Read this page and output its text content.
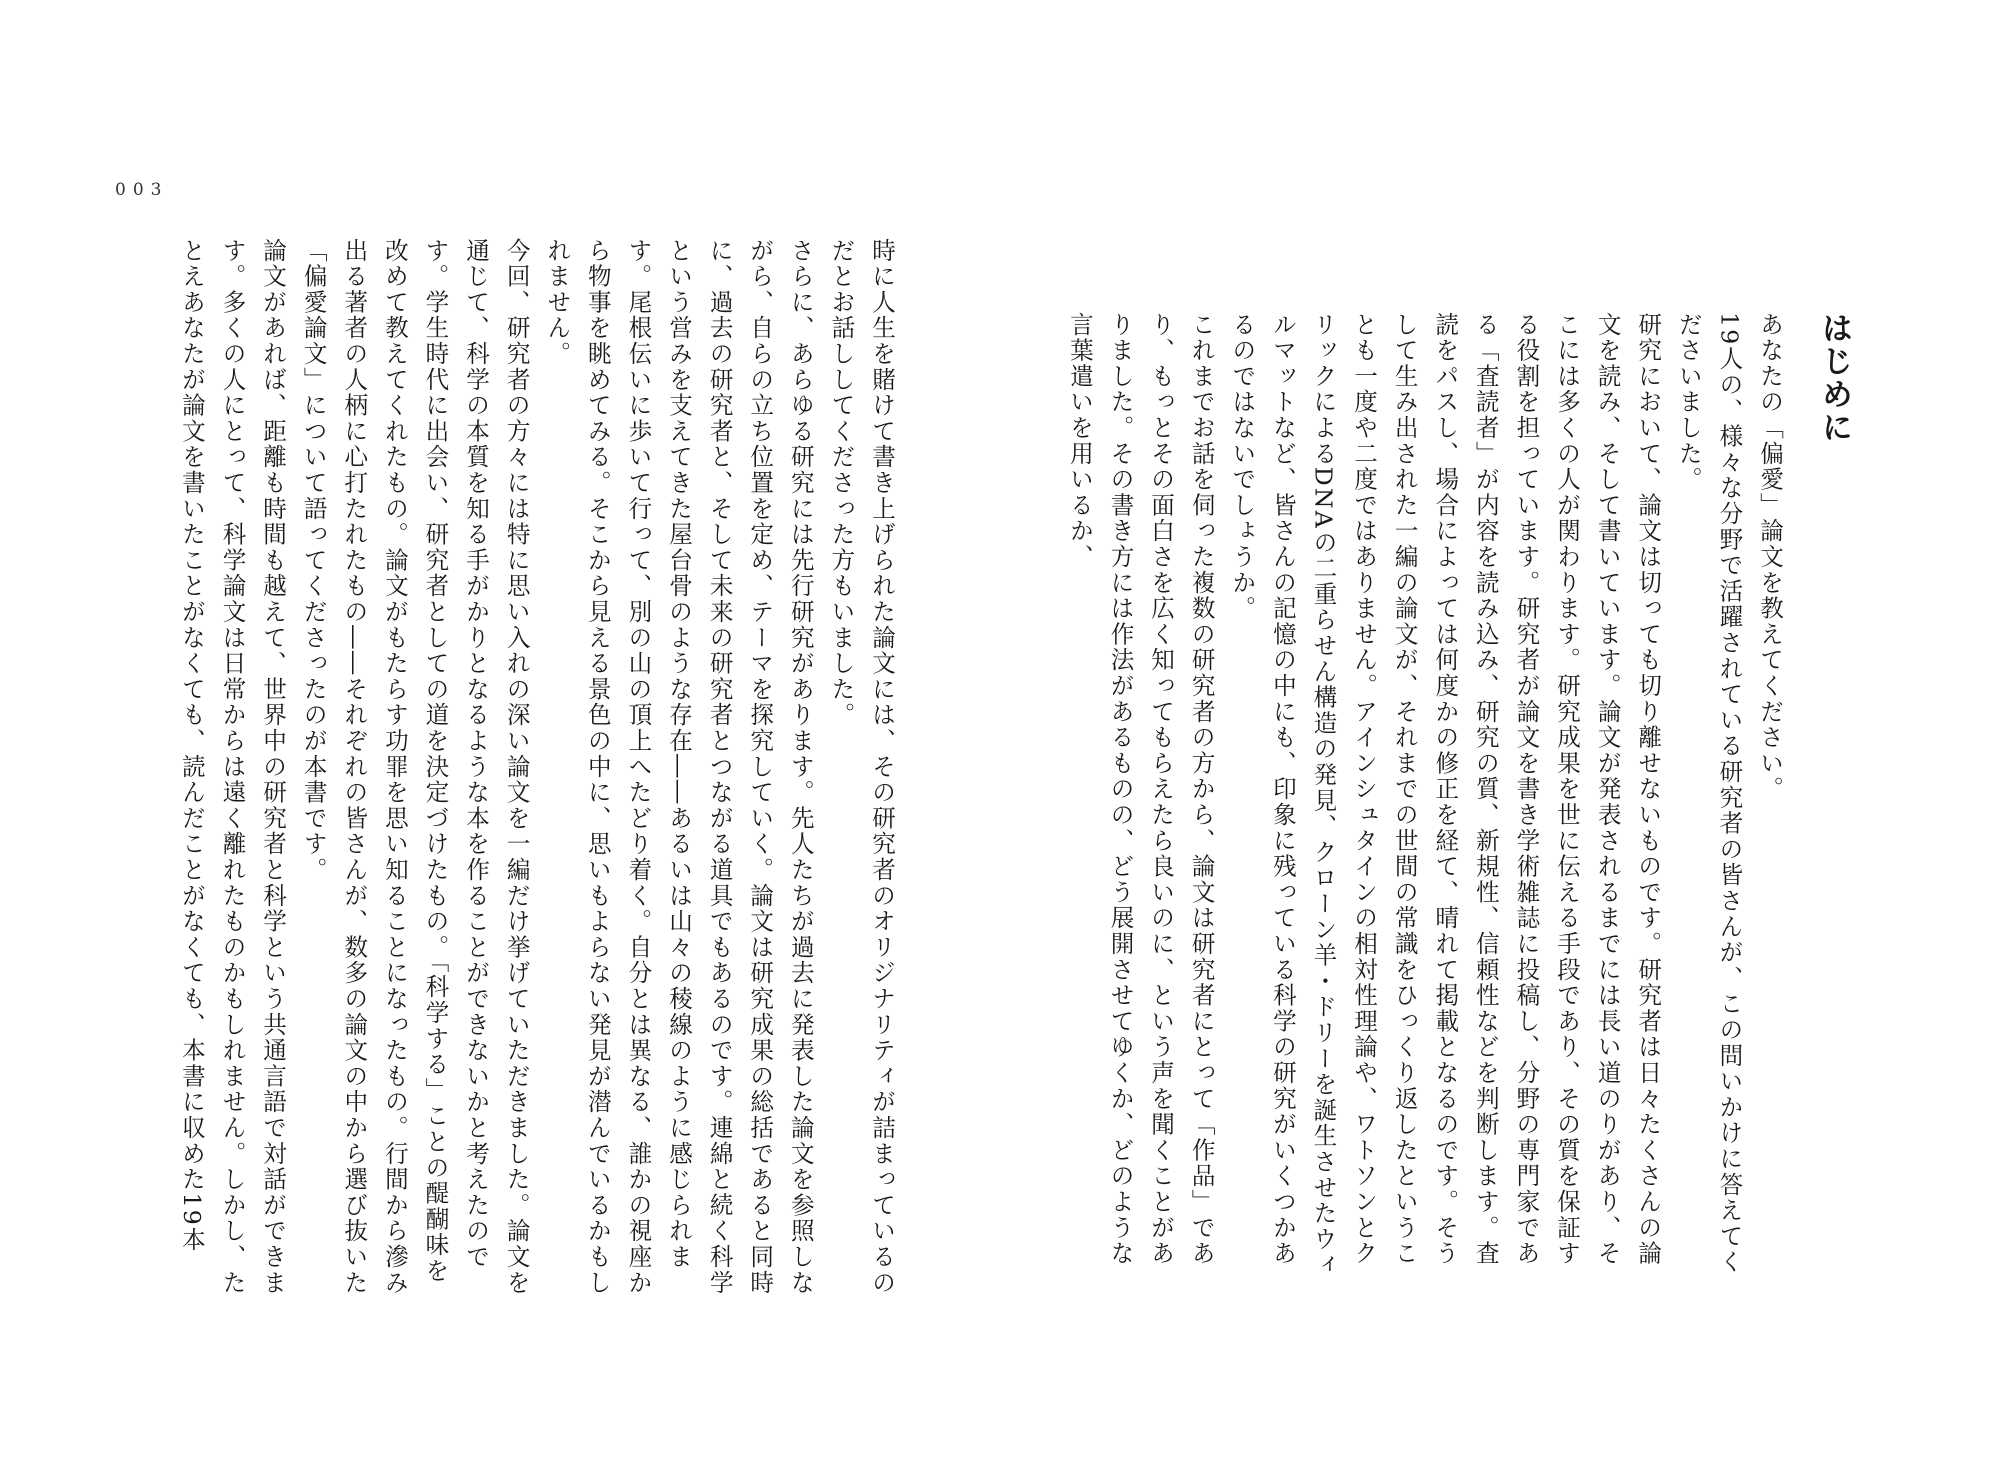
003
はじめに

あなたの「偏愛」論文を教えてください。

19人の、様々な分野で活躍されている研究者の皆さんが、この問いかけに答えてくださいました。

研究において、論文は切っても切り離せないものです。研究者は日々たくさんの論文を読み、そして書いています。論文が発表されるまでには長い道のりがあり、そこには多くの人が関わります。研究成果を世に伝える手段であり、その質を保証する役割を担っています。研究者が論文を書き学術雑誌に投稿し、分野の専門家である「査読者」が内容を読み込み、研究の質、新規性、信頼性などを判断します。査読をパスし、場合によっては何度かの修正を経て、晴れて掲載となるのです。そうして生み出された一編の論文が、それまでの世間の常識をひっくり返したということも一度や二度ではありません。アインシュタインの相対性理論や、ワトソンとクリックによるDNAの二重らせん構造の発見、クローン羊・ドリーを誕生させたウィルマットなど、皆さんの記憶の中にも、印象に残っている科学の研究がいくつかあるのではないでしょうか。

これまでお話を伺った複数の研究者の方から、論文は研究者にとって「作品」であり、もっとその面白さを広く知ってもらえたら良いのに、という声を聞くことがありました。その書き方には作法があるものの、どう展開させてゆくか、どのような言葉遣いを用いるか、

時に人生を賭けて書き上げられた論文には、その研究者のオリジナリティが詰まっているのだとお話ししてくださった方もいました。

さらに、あらゆる研究には先行研究があります。先人たちが過去に発表した論文を参照しながら、自らの立ち位置を定め、テーマを探究していく。論文は研究成果の総括であると同時に、過去の研究者と、そして未来の研究者とつながる道具でもあるのです。連綿と続く科学という営みを支えてきた屋台骨のような存在――あるいは山々の稜線のように感じられます。尾根伝いに歩いて行って、別の山の頂上へたどり着く。自分とは異なる、誰かの視座から物事を眺めてみる。そこから見える景色の中に、思いもよらない発見が潜んでいるかもしれません。

今回、研究者の方々には特に思い入れの深い論文を一編だけ挙げていただきました。論文を通じて、科学の本質を知る手がかりとなるような本を作ることができないかと考えたのです。学生時代に出会い、研究者としての道を決定づけたもの。「科学する」ことの醍醐味を改めて教えてくれたもの。論文がもたらす功罪を思い知ることになったもの。行間から滲み出る著者の人柄に心打たれたもの――それぞれの皆さんが、数多の論文の中から選び抜いた「偏愛論文」について語ってくださったのが本書です。

論文があれば、距離も時間も越えて、世界中の研究者と科学という共通言語で対話ができます。多くの人にとって、科学論文は日常からは遠く離れたものかもしれません。しかし、たとえあなたが論文を書いたことがなくても、読んだことがなくても、本書に収めた19本
